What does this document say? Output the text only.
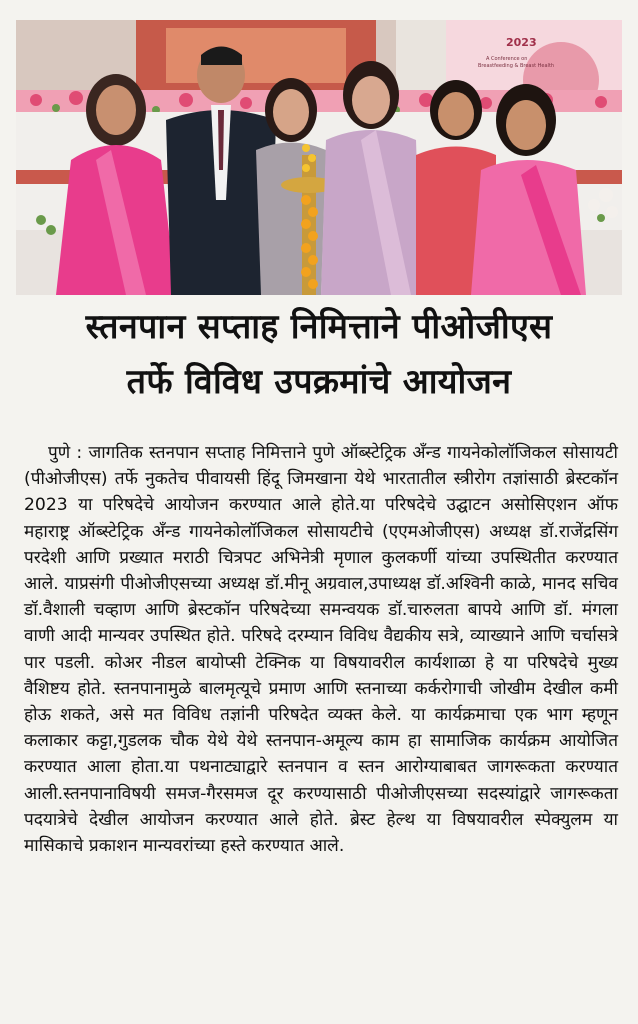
2023
A Conference on
Breastfeeding & Breast Health
स्तनपान सप्ताह निमित्ताने पीओजीएस
तर्फे विविध उपक्रमांचे आयोजन

पुणे : जागतिक स्तनपान सप्ताह निमित्ताने पुणे ऑब्स्टेट्रिक अँन्ड गायनेकोलॉजिकल सोसायटी (पीओजीएस) तर्फे नुकतेच पीवायसी हिंदू जिमखाना येथे भारतातील स्त्रीरोग तज्ञांसाठी ब्रेस्टकॉन 2023 या परिषदेचे आयोजन करण्यात आले होते.या परिषदेचे उद्घाटन असोसिएशन ऑफ महाराष्ट्र ऑब्स्टेट्रिक अँन्ड गायनेकोलॉजिकल सोसायटीचे (एएमओजीएस) अध्यक्ष डॉ.राजेंद्रसिंग परदेशी आणि प्रख्यात मराठी चित्रपट अभिनेत्री मृणाल कुलकर्णी यांच्या उपस्थितीत करण्यात आले. याप्रसंगी पीओजीएसच्या अध्यक्ष डॉ.मीनू अग्रवाल,उपाध्यक्ष डॉ.अश्विनी काळे, मानद सचिव डॉ.वैशाली चव्हाण आणि ब्रेस्टकॉन परिषदेच्या समन्वयक डॉ.चारुलता बापये आणि डॉ. मंगला वाणी आदी मान्यवर उपस्थित होते. परिषदे दरम्यान विविध वैद्यकीय सत्रे, व्याख्याने आणि चर्चासत्रे पार पडली. कोअर नीडल बायोप्सी टेक्निक या विषयावरील कार्यशाळा हे या परिषदेचे मुख्य वैशिष्टय होते. स्तनपानामुळे बालमृत्यूचे प्रमाण आणि स्तनाच्या कर्करोगाची जोखीम देखील कमी होऊ शकते, असे मत विविध तज्ञांनी परिषदेत व्यक्त केले. या कार्यक्रमाचा एक भाग म्हणून कलाकार कट्टा,गुडलक चौक येथे येथे स्तनपान-अमूल्य काम हा सामाजिक कार्यक्रम आयोजित करण्यात आला होता.या पथनाट्याद्वारे स्तनपान व स्तन आरोग्याबाबत जागरूकता करण्यात आली.स्तनपानाविषयी समज-गैरसमज दूर करण्यासाठी पीओजीएसच्या सदस्यांद्वारे जागरूकता पदयात्रेचे देखील आयोजन करण्यात आले होते. ब्रेस्ट हेल्थ या विषयावरील स्पेक्युलम या मासिकाचे प्रकाशन मान्यवरांच्या हस्ते करण्यात आले.
